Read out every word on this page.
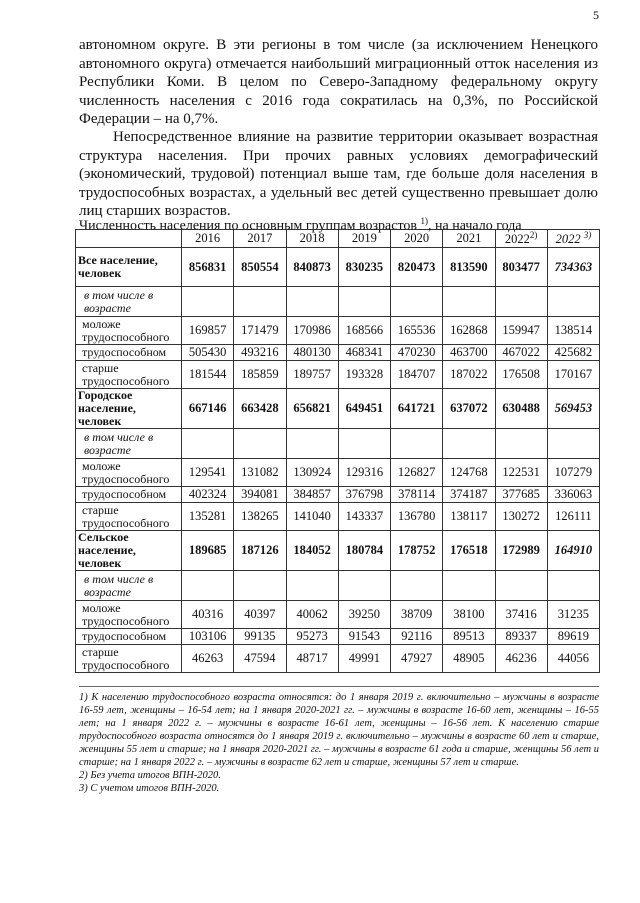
5

автономном округе. В эти регионы в том числе (за исключением Ненецкого автономного округа) отмечается наибольший миграционный отток населения из Республики Коми. В целом по Северо-Западному федеральному округу численность населения с 2016 года сократилась на 0,3%, по Российской Федерации – на 0,7%.

Непосредственное влияние на развитие территории оказывает возрастная структура населения. При прочих равных условиях демографический (экономический, трудовой) потенциал выше там, где больше доля населения в трудоспособных возрастах, а удельный вес детей существенно превышает долю лиц старших возрастов.

Численность населения по основным группам возрастов $^{1)}$, на начало года
	2016	2017	2018	2019	2020	2021	2022$^{2)}$	2022 $^{3)}$
Все население, человек	856831	850554	840873	830235	820473	813590	803477	734363
в том числе в возрасте								
моложе трудоспособного	169857	171479	170986	168566	165536	162868	159947	138514
трудоспособном	505430	493216	480130	468341	470230	463700	467022	425682
старше трудоспособного	181544	185859	189757	193328	184707	187022	176508	170167
Городское население, человек	667146	663428	656821	649451	641721	637072	630488	569453
в том числе в возрасте								
моложе трудоспособного	129541	131082	130924	129316	126827	124768	122531	107279
трудоспособном	402324	394081	384857	376798	378114	374187	377685	336063
старше трудоспособного	135281	138265	141040	143337	136780	138117	130272	126111
Сельское население, человек	189685	187126	184052	180784	178752	176518	172989	164910
в том числе в возрасте								
моложе трудоспособного	40316	40397	40062	39250	38709	38100	37416	31235
трудоспособном	103106	99135	95273	91543	92116	89513	89337	89619
старше трудоспособного	46263	47594	48717	49991	47927	48905	46236	44056

1) К населению трудоспособного возраста относятся: до 1 января 2019 г. включительно – мужчины в возрасте 16-59 лет, женщины – 16-54 лет; на 1 января 2020-2021 гг. – мужчины в возрасте 16-60 лет, женщины – 16-55 лет; на 1 января 2022 г. – мужчины в возрасте 16-61 лет, женщины – 16-56 лет. К населению старше трудоспособного возраста относятся до 1 января 2019 г. включительно – мужчины в возрасте 60 лет и старше, женщины 55 лет и старше; на 1 января 2020-2021 гг. – мужчины в возрасте 61 года и старше, женщины 56 лет и старше; на 1 января 2022 г. – мужчины в возрасте 62 лет и старше, женщины 57 лет и старше.

2) Без учета итогов ВПН-2020.

3) С учетом итогов ВПН-2020.
